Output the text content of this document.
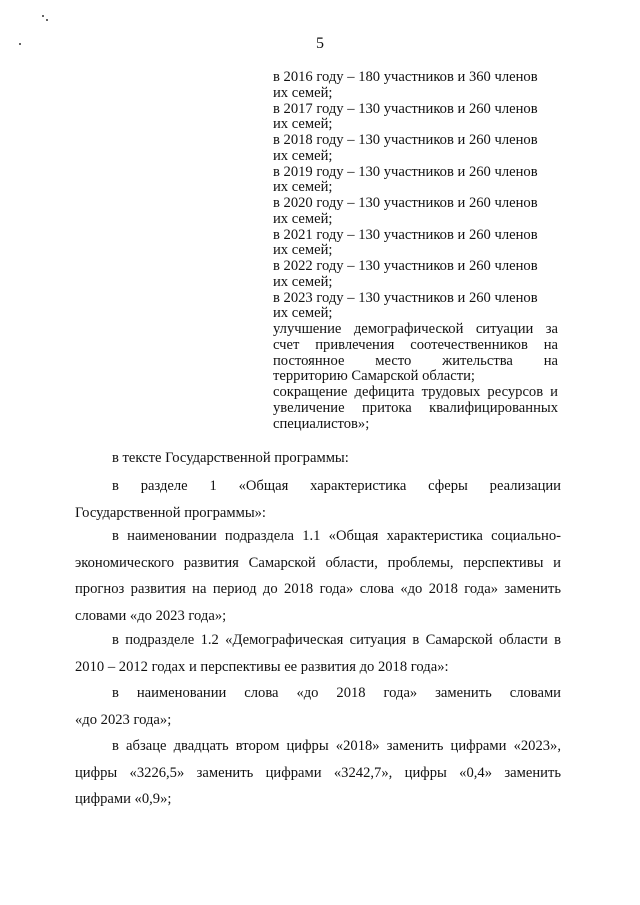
5
в 2016 году – 180 участников и 360 членов
их семей;
в 2017 году – 130 участников и 260 членов
их семей;
в 2018 году – 130 участников и 260 членов
их семей;
в 2019 году – 130 участников и 260 членов
их семей;
в 2020 году – 130 участников и 260 членов
их семей;
в 2021 году – 130 участников и 260 членов
их семей;
в 2022 году – 130 участников и 260 членов
их семей;
в 2023 году – 130 участников и 260 членов
их семей;
улучшение демографической ситуации за
счет привлечения соотечественников на
постоянное место жительства на
территорию Самарской области;
сокращение дефицита трудовых ресурсов и
увеличение притока квалифицированных
специалистов»;
в тексте Государственной программы:
в разделе 1 «Общая характеристика сферы реализации
Государственной программы»:
в наименовании подраздела 1.1 «Общая характеристика социально-
экономического развития Самарской области, проблемы, перспективы и
прогноз развития на период до 2018 года» слова «до 2018 года» заменить
словами «до 2023 года»;
в подразделе 1.2 «Демографическая ситуация в Самарской области в
2010 – 2012 годах и перспективы ее развития до 2018 года»:
в наименовании слова «до 2018 года» заменить словами
«до 2023 года»;
в абзаце двадцать втором цифры «2018» заменить цифрами «2023»,
цифры «3226,5» заменить цифрами «3242,7», цифры «0,4» заменить
цифрами «0,9»;
